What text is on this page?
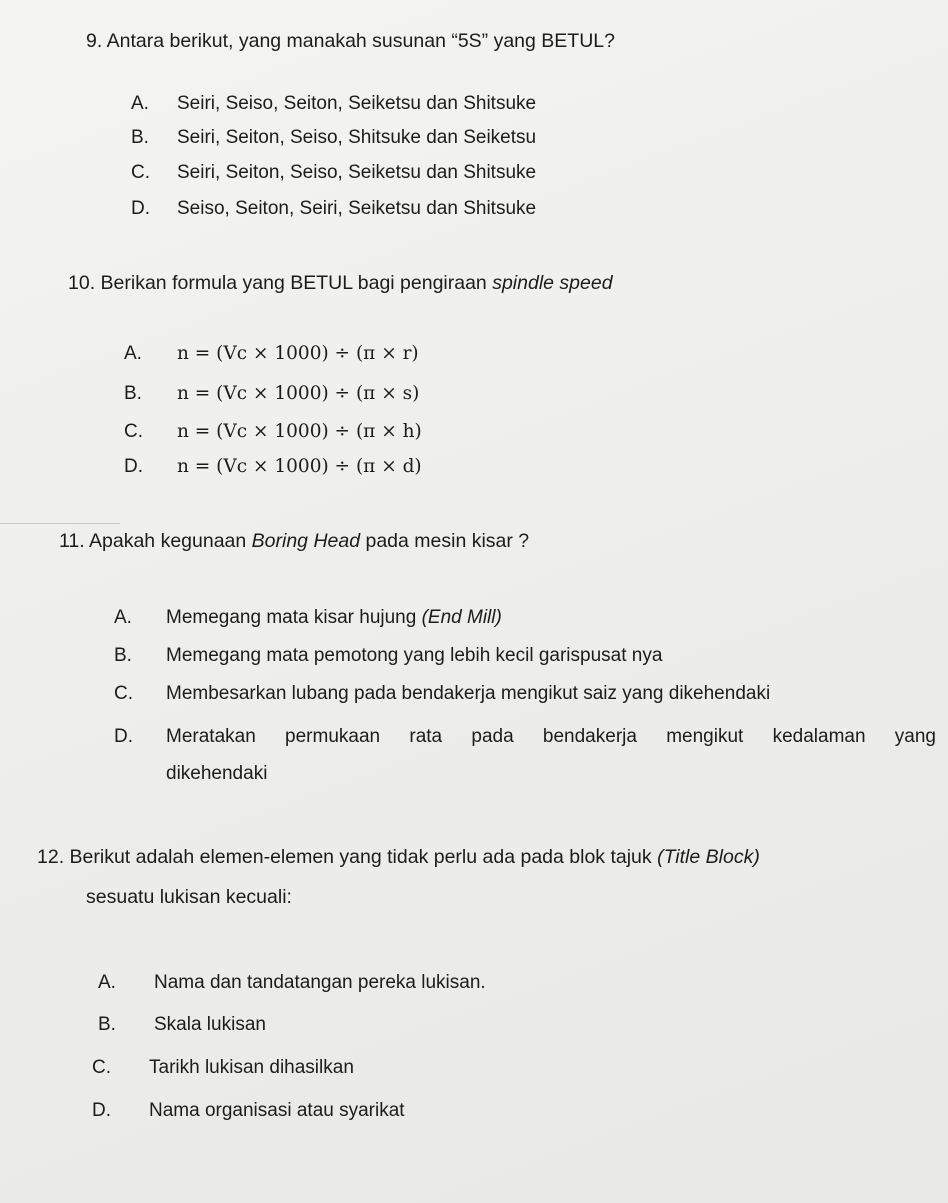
9. Antara berikut, yang manakah susunan “5S” yang BETUL?
A. Seiri, Seiso, Seiton, Seiketsu dan Shitsuke
B. Seiri, Seiton, Seiso, Shitsuke dan Seiketsu
C. Seiri, Seiton, Seiso, Seiketsu dan Shitsuke
D. Seiso, Seiton, Seiri, Seiketsu dan Shitsuke
10. Berikan formula yang BETUL bagi pengiraan spindle speed
A. n = (Vc × 1000) ÷ (π × r)
B. n = (Vc × 1000) ÷ (π × s)
C. n = (Vc × 1000) ÷ (π × h)
D. n = (Vc × 1000) ÷ (π × d)
11. Apakah kegunaan Boring Head pada mesin kisar ?
A. Memegang mata kisar hujung (End Mill)
B. Memegang mata pemotong yang lebih kecil garispusat nya
C. Membesarkan lubang pada bendakerja mengikut saiz yang dikehendaki
D.	Meratakan permukaan rata pada bendakerja mengikut kedalaman yang
dikehendaki
12. Berikut adalah elemen-elemen yang tidak perlu ada pada blok tajuk (Title Block)
sesuatu lukisan kecuali:
A. Nama dan tandatangan pereka lukisan.
B. Skala lukisan
C. Tarikh lukisan dihasilkan
D. Nama organisasi atau syarikat
